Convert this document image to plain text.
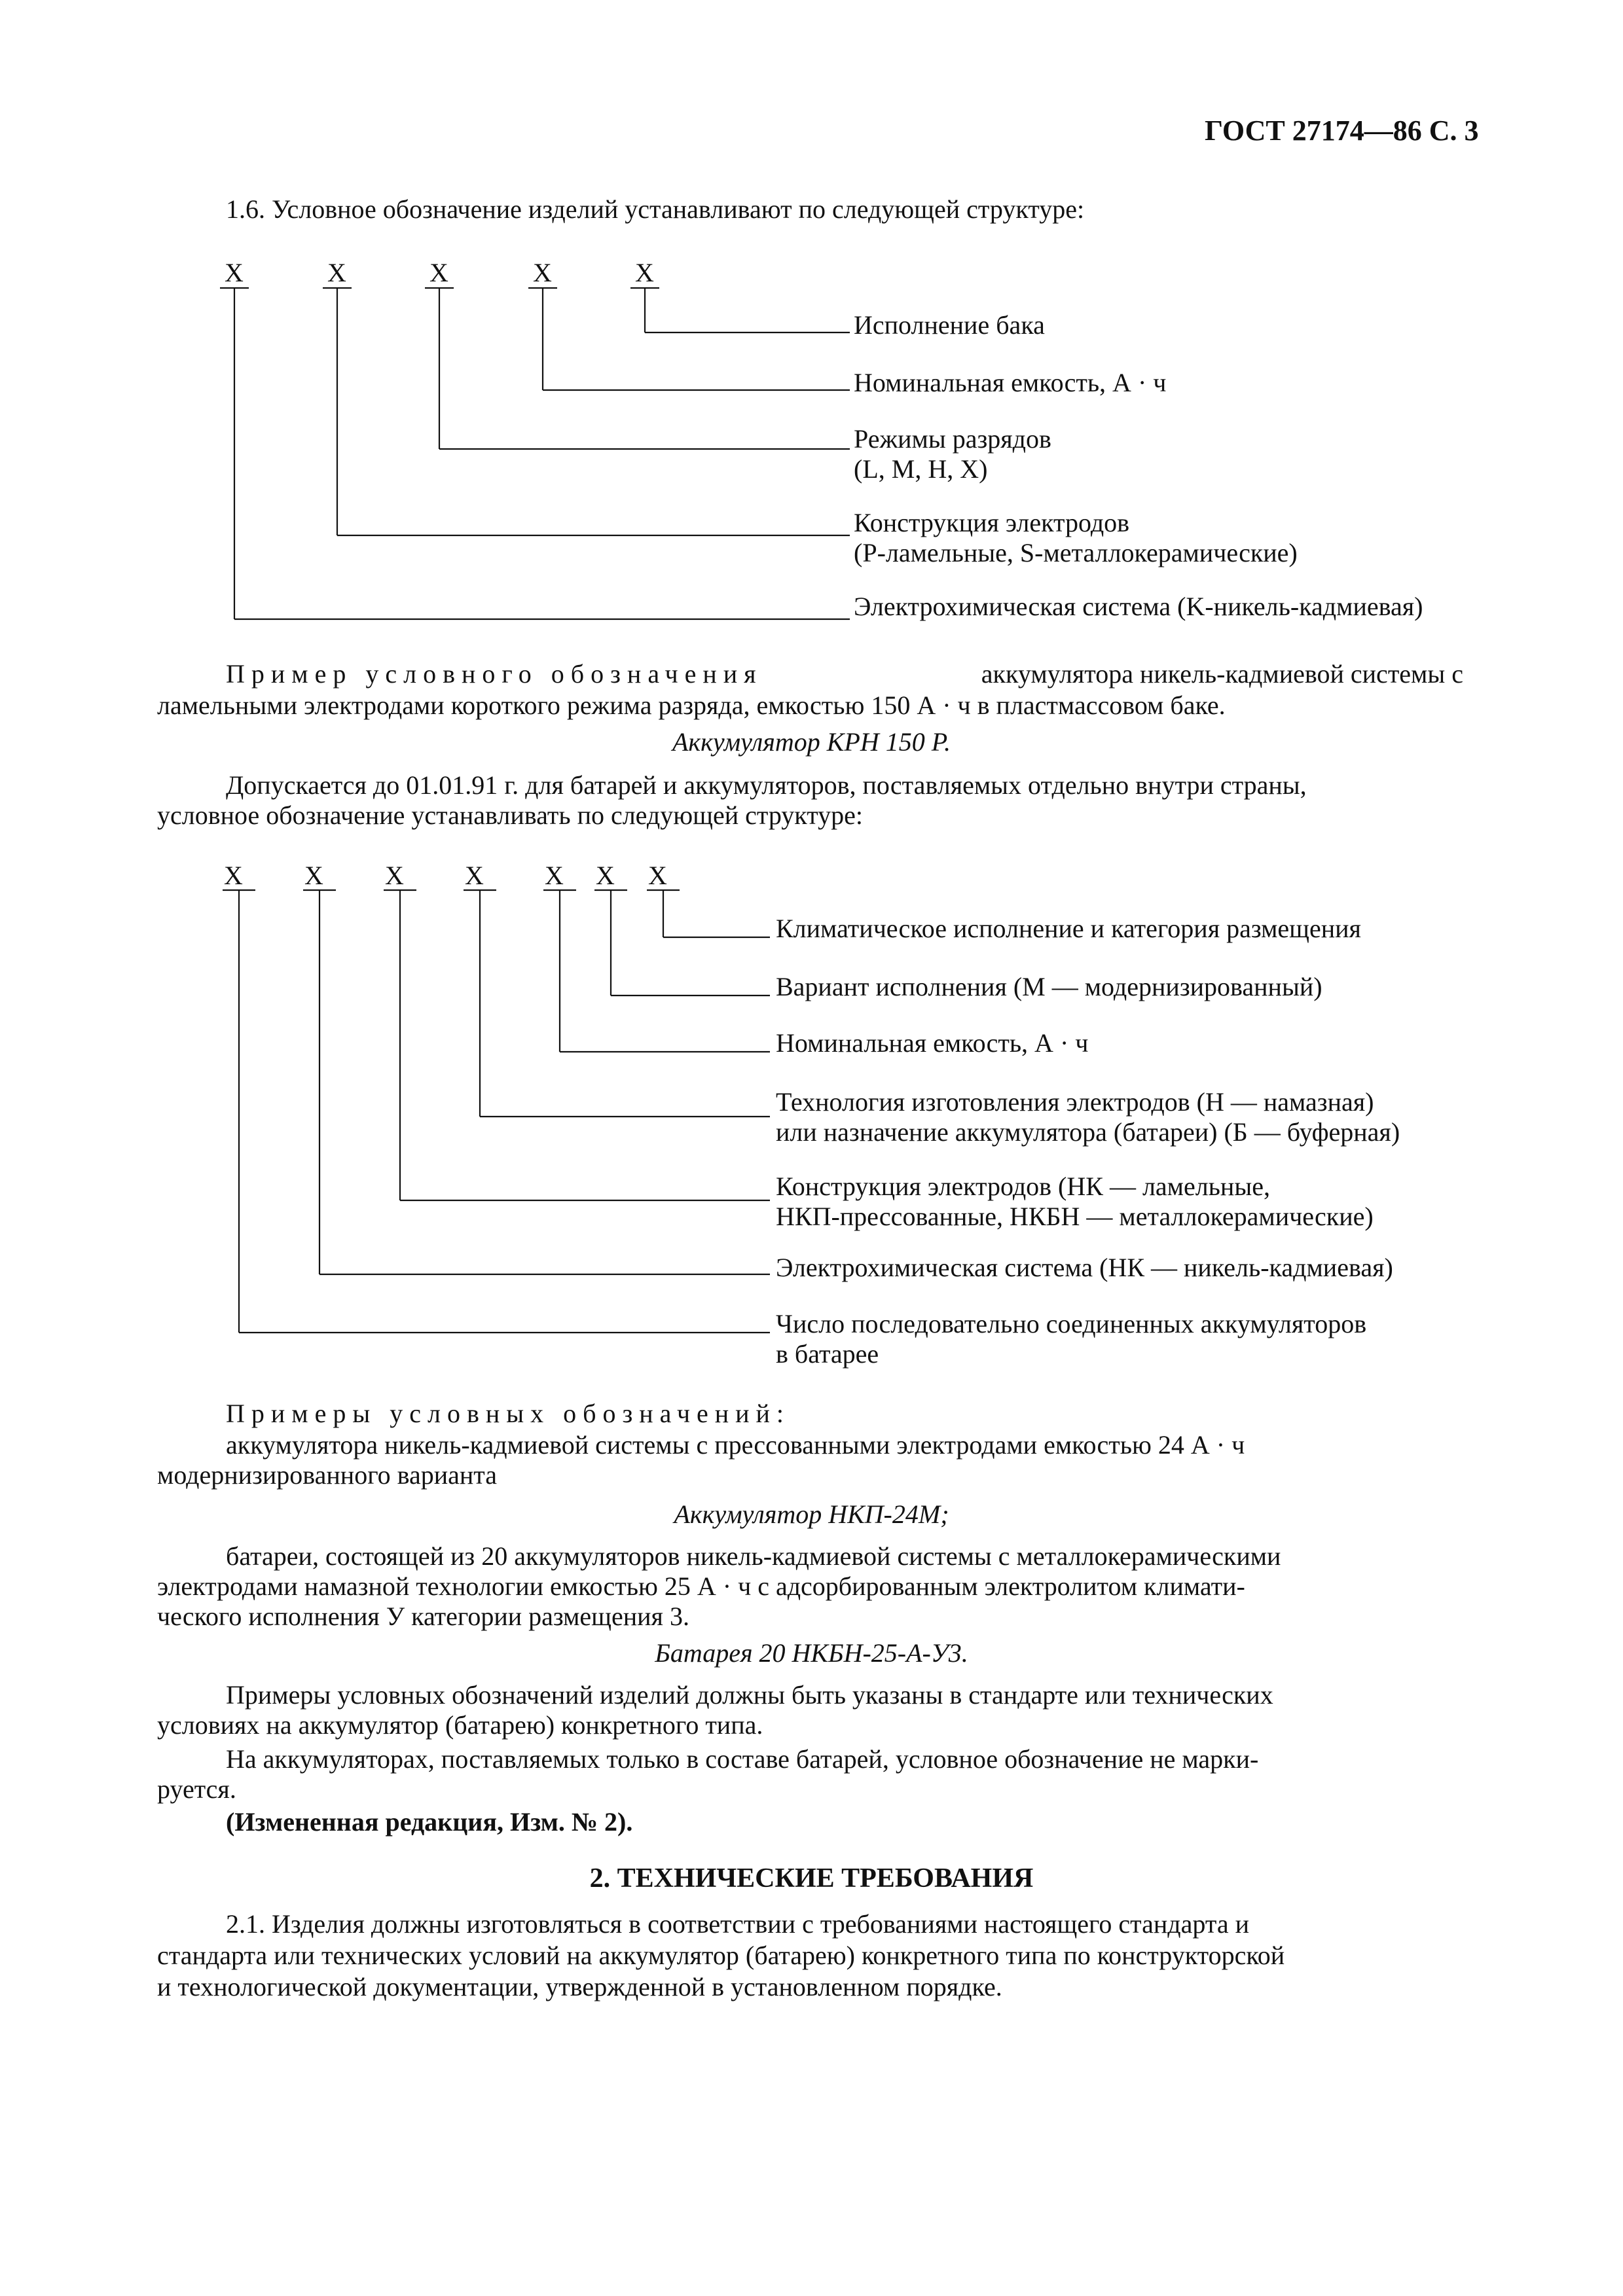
ГОСТ 27174—86 С. 3
1.6. Условное обозначение изделий устанавливают по следующей структуре:
X	X	X	X	X
Исполнение бака
Номинальная емкость, А · ч
Режимы разрядов
(L, M, H, X)
Конструкция электродов
(P-ламельные, S-металлокерамические)
Электрохимическая система (K-никель-кадмиевая)
X X X X X X X
Климатическое исполнение и категория размещения
Вариант исполнения (М — модернизированный)
Номинальная емкость, А · ч
Технология изготовления электродов (Н — намазная)
или назначение аккумулятора (батареи) (Б — буферная)
Конструкция электродов (НК — ламельные,
НКП-прессованные, НКБН — металлокерамические)
Электрохимическая система (НК — никель-кадмиевая)
Число последовательно соединенных аккумуляторов
в батарее
Пример условного обозначения	аккумулятора никель-кадмиевой системы с
ламельными электродами короткого режима разряда, емкостью 150 А · ч в пластмассовом баке.
Аккумулятор KPH 150 P.
Допускается до 01.01.91 г. для батарей и аккумуляторов, поставляемых отдельно внутри страны,
условное обозначение устанавливать по следующей структуре:
Примеры условных обозначений:
аккумулятора никель-кадмиевой системы с прессованными электродами емкостью 24 А · ч
модернизированного варианта
Аккумулятор НКП-24М;
батареи, состоящей из 20 аккумуляторов никель-кадмиевой системы с металлокерамическими
электродами намазной технологии емкостью 25 А · ч с адсорбированным электролитом климати-
ческого исполнения У категории размещения 3.
Батарея 20 НКБН-25-А-У3.
Примеры условных обозначений изделий должны быть указаны в стандарте или технических
условиях на аккумулятор (батарею) конкретного типа.
На аккумуляторах, поставляемых только в составе батарей, условное обозначение не марки-
руется.
(Измененная редакция, Изм. № 2).
2. ТЕХНИЧЕСКИЕ ТРЕБОВАНИЯ
2.1. Изделия должны изготовляться в соответствии с требованиями настоящего стандарта и
стандарта или технических условий на аккумулятор (батарею) конкретного типа по конструкторской
и технологической документации, утвержденной в установленном порядке.
